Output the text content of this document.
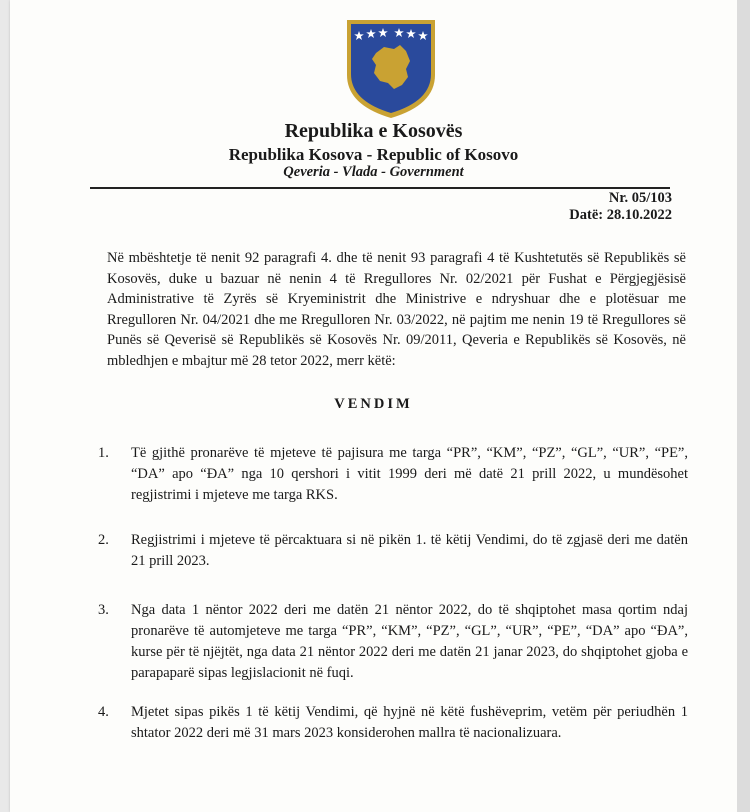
Republika e Kosovës
Republika Kosova - Republic of Kosovo
Qeveria - Vlada - Government
Nr. 05/103
Datë: 28.10.2022
Në mbështetje të nenit 92 paragrafi 4. dhe të nenit 93 paragrafi 4 të Kushtetutës së Republikës së Kosovës, duke u bazuar në nenin 4 të Rregullores Nr. 02/2021 për Fushat e Përgjegjësisë Administrative të Zyrës së Kryeministrit dhe Ministrive e ndryshuar dhe e plotësuar me Rregulloren Nr. 04/2021 dhe me Rregulloren Nr. 03/2022, në pajtim me nenin 19 të Rregullores së Punës së Qeverisë së Republikës së Kosovës Nr. 09/2011, Qeveria e Republikës së Kosovës, në mbledhjen e mbajtur më 28 tetor 2022, merr këtë:
VENDIM
1.	Të gjithë pronarëve të mjeteve të pajisura me targa “PR”, “KM”, “PZ”, “GL”, “UR”, “PE”, “DA” apo “ĐA” nga 10 qershori i vitit 1999 deri më datë 21 prill 2022, u mundësohet regjistrimi i mjeteve me targa RKS.
2.	Regjistrimi i mjeteve të përcaktuara si në pikën 1. të këtij Vendimi, do të zgjasë deri me datën 21 prill 2023.
3.	Nga data 1 nëntor 2022 deri me datën 21 nëntor 2022, do të shqiptohet masa qortim ndaj pronarëve të automjeteve me targa “PR”, “KM”, “PZ”, “GL”, “UR”, “PE”, “DA” apo “ĐA”, kurse për të njëjtët, nga data 21 nëntor 2022 deri me datën 21 janar 2023, do shqiptohet gjoba e parapaparë sipas legjislacionit në fuqi.
4.	Mjetet sipas pikës 1 të këtij Vendimi, që hyjnë në këtë fushëveprim, vetëm për periudhën 1 shtator 2022 deri më 31 mars 2023 konsiderohen mallra të nacionalizuara.
